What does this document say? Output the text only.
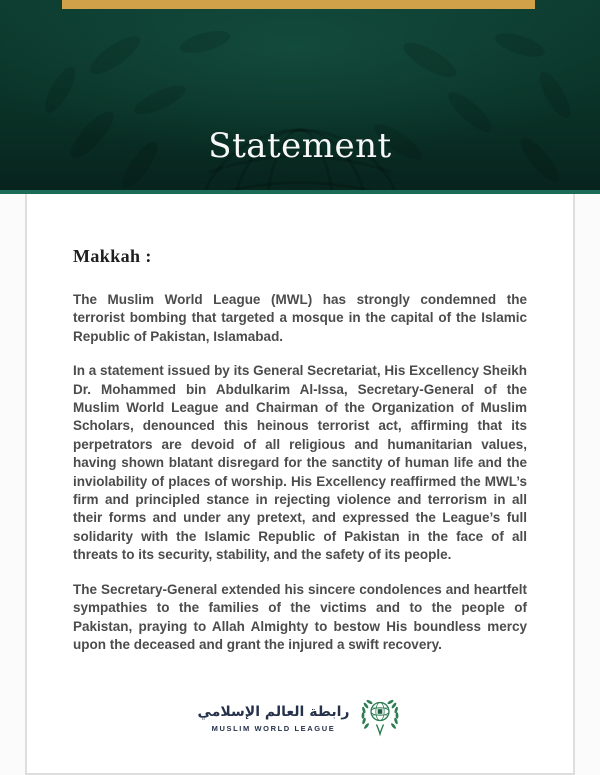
Statement
Makkah :

The Muslim World League (MWL) has strongly condemned the terrorist bombing that targeted a mosque in the capital of the Islamic Republic of Pakistan, Islamabad.

In a statement issued by its General Secretariat, His Excellency Sheikh Dr. Mohammed bin Abdulkarim Al-Issa, Secretary-General of the Muslim World League and Chairman of the Organization of Muslim Scholars, denounced this heinous terrorist act, affirming that its perpetrators are devoid of all religious and humanitarian values, having shown blatant disregard for the sanctity of human life and the inviolability of places of worship. His Excellency reaffirmed the MWL’s firm and principled stance in rejecting violence and terrorism in all their forms and under any pretext, and expressed the League’s full solidarity with the Islamic Republic of Pakistan in the face of all threats to its security, stability, and the safety of its people.

The Secretary-General extended his sincere condolences and heartfelt sympathies to the families of the victims and to the people of Pakistan, praying to Allah Almighty to bestow His boundless mercy upon the deceased and grant the injured a swift recovery.

رابطة العالم الإسلامي
MUSLIM WORLD LEAGUE
